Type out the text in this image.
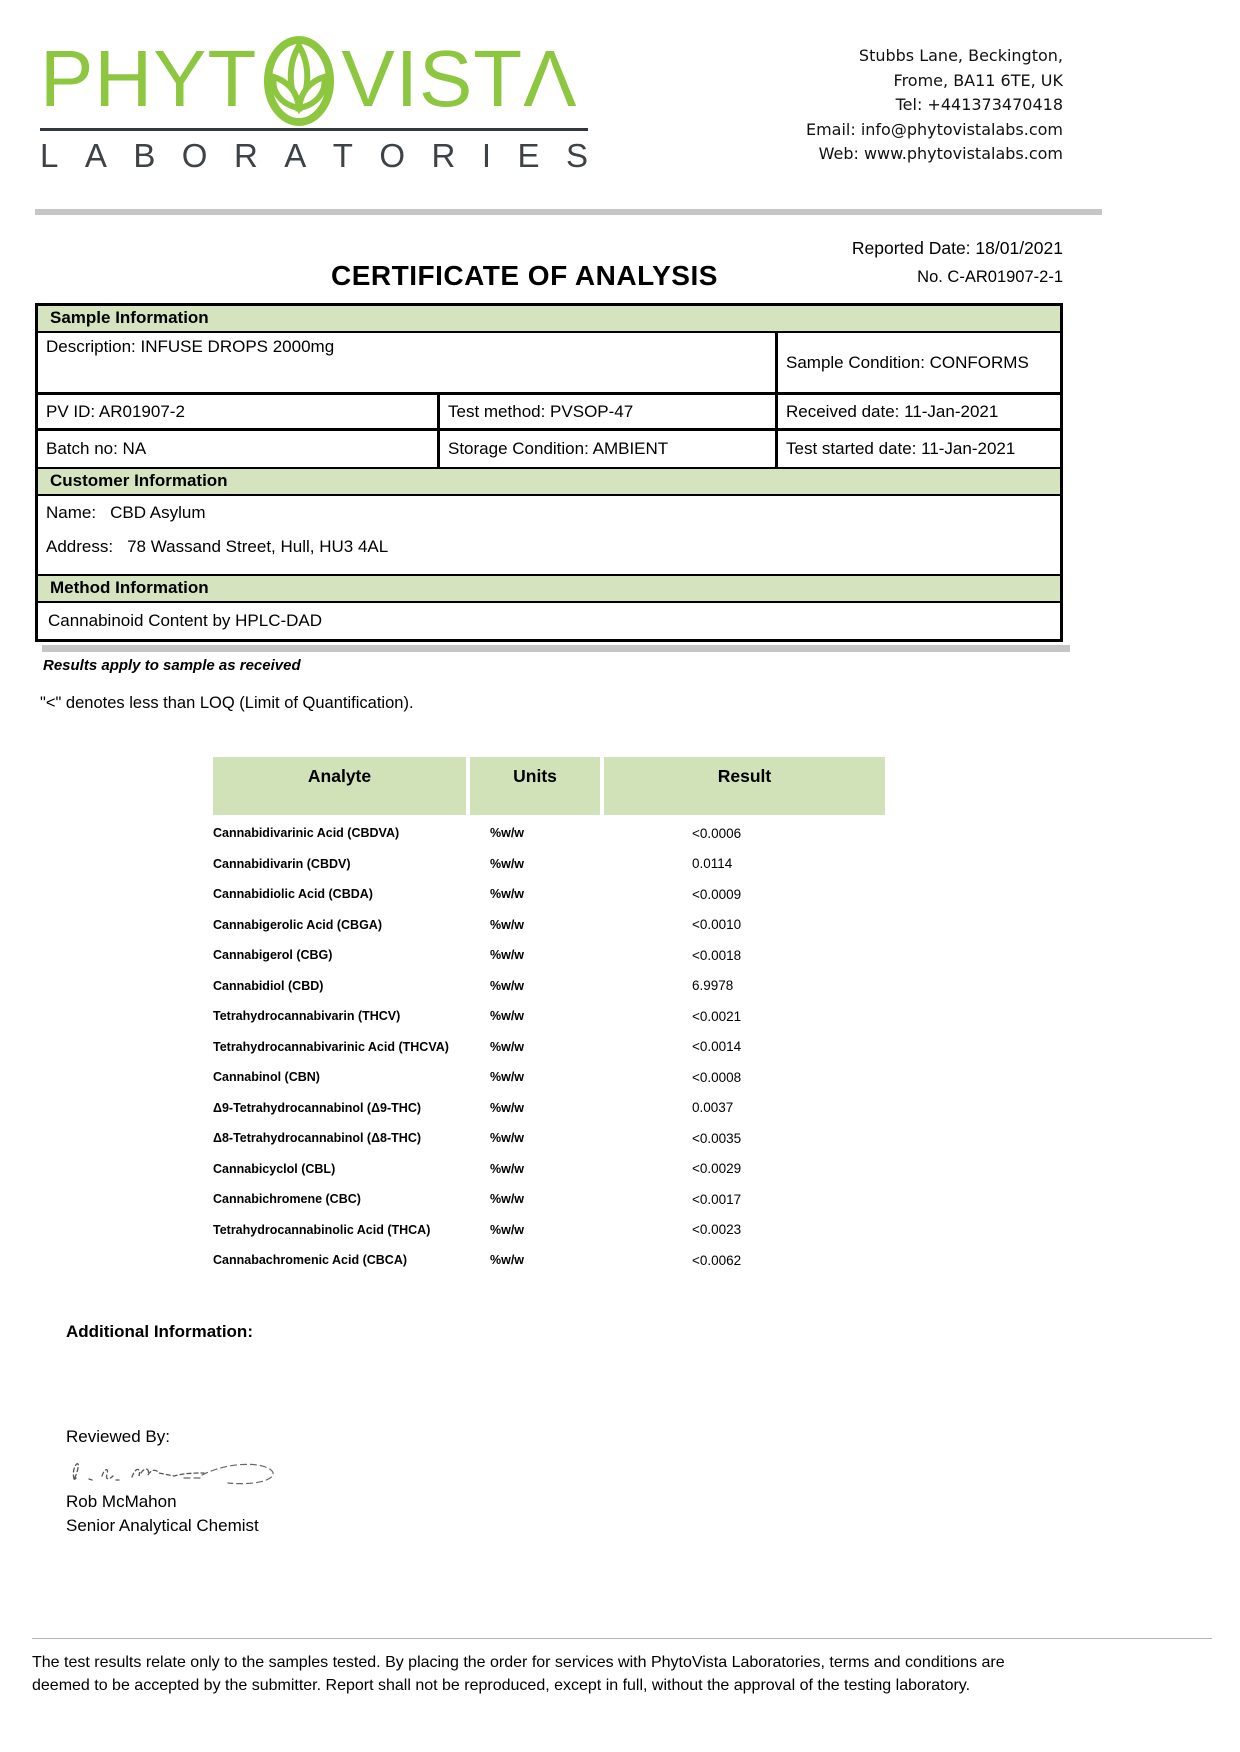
PHYT VIST Λ
L A B O R A T O R I E S
Stubbs Lane, Beckington,
Frome, BA11 6TE, UK
Tel: +441373470418
Email: info@phytovistalabs.com
Web: www.phytovistalabs.com
Reported Date: 18/01/2021
No. C-AR01907-2-1
CERTIFICATE OF ANALYSIS
Sample Information
Description: INFUSE DROPS 2000mg
Sample Condition: CONFORMS
PV ID: AR01907-2	Test method: PVSOP-47	Received date: 11-Jan-2021
Batch no: NA	Storage Condition: AMBIENT	Test started date: 11-Jan-2021
Customer Information
Name: CBD Asylum
Address: 78 Wassand Street, Hull, HU3 4AL
Method Information
Cannabinoid Content by HPLC-DAD
Results apply to sample as received
"<" denotes less than LOQ (Limit of Quantification).
Analyte	Units	Result
Cannabidivarinic Acid (CBDVA)	%w/w	<0.0006
Cannabidivarin (CBDV)	%w/w	0.0114
Cannabidiolic Acid (CBDA)	%w/w	<0.0009
Cannabigerolic Acid (CBGA)	%w/w	<0.0010
Cannabigerol (CBG)	%w/w	<0.0018
Cannabidiol (CBD)	%w/w	6.9978
Tetrahydrocannabivarin (THCV)	%w/w	<0.0021
Tetrahydrocannabivarinic Acid (THCVA)	%w/w	<0.0014
Cannabinol (CBN)	%w/w	<0.0008
Δ9-Tetrahydrocannabinol (Δ9-THC)	%w/w	0.0037
Δ8-Tetrahydrocannabinol (Δ8-THC)	%w/w	<0.0035
Cannabicyclol (CBL)	%w/w	<0.0029
Cannabichromene (CBC)	%w/w	<0.0017
Tetrahydrocannabinolic Acid (THCA)	%w/w	<0.0023
Cannabachromenic Acid (CBCA)	%w/w	<0.0062
Additional Information:
Reviewed By:
Rob McMahon
Senior Analytical Chemist
The test results relate only to the samples tested. By placing the order for services with PhytoVista Laboratories, terms and conditions are
deemed to be accepted by the submitter. Report shall not be reproduced, except in full, without the approval of the testing laboratory.
